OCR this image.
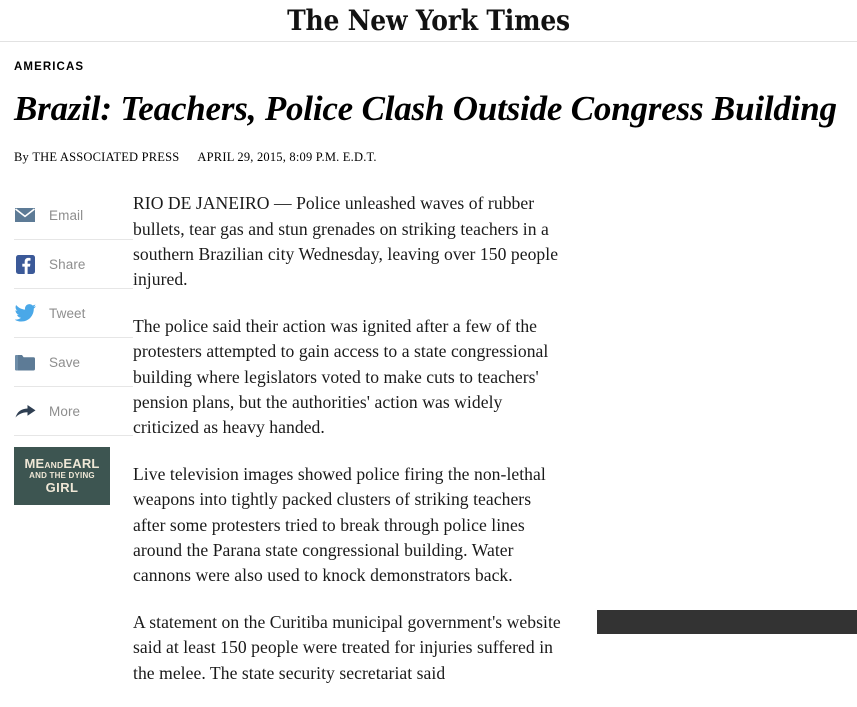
The New York Times
AMERICAS
Brazil: Teachers, Police Clash Outside Congress Building
By
THE ASSOCIATED PRESS APRIL 29, 2015, 8:09 P.M. E.D.T.
Email
Share
Tweet
Save
More
MEANDEARL
AND THE DYING
GIRL

RIO DE JANEIRO — Police unleashed waves of rubber bullets, tear gas and stun grenades on striking teachers in a southern Brazilian city Wednesday, leaving over 150 people injured.

The police said their action was ignited after a few of the protesters attempted to gain access to a state congressional building where legislators voted to make cuts to teachers' pension plans, but the authorities' action was widely criticized as heavy handed.

Live television images showed police firing the non-lethal weapons into tightly packed clusters of striking teachers after some protesters tried to break through police lines around the Parana state congressional building. Water cannons were also used to knock demonstrators back.

A statement on the Curitiba municipal government's website said at least 150 people were treated for injuries suffered in the melee. The state security secretariat said
